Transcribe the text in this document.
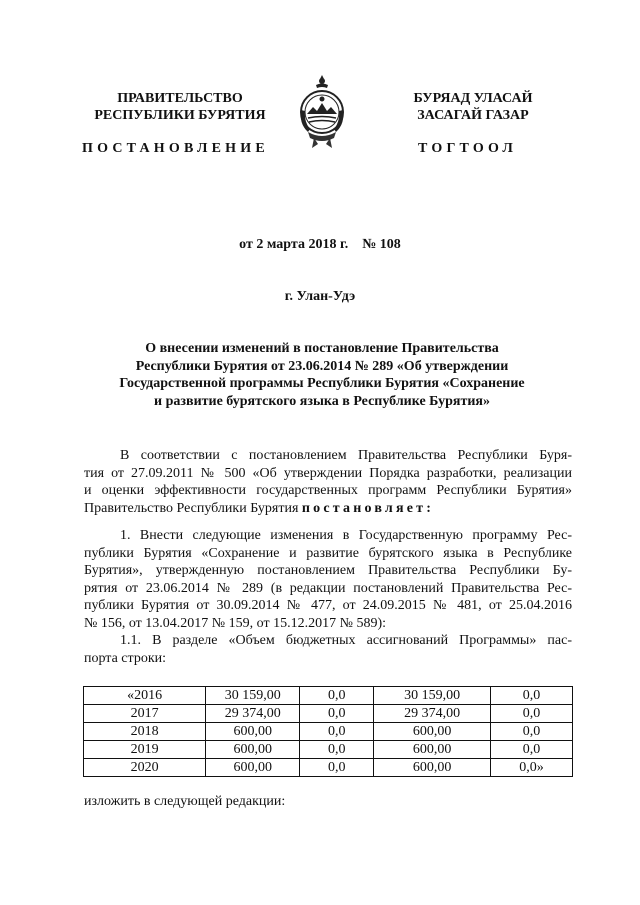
ПРАВИТЕЛЬСТВО
РЕСПУБЛИКИ БУРЯТИЯ
БУРЯАД УЛАСАЙ
ЗАСАГАЙ ГАЗАР
ПОСТАНОВЛЕНИЕ	ТОГТООЛ
от 2 марта 2018 г.    № 108
г. Улан-Удэ
О внесении изменений в постановление Правительства
Республики Бурятия от 23.06.2014 № 289 «Об утверждении
Государственной программы Республики Бурятия «Сохранение
и развитие бурятского языка в Республике Бурятия»
В соответствии с постановлением Правительства Республики Буря-
тия от 27.09.2011 № 500 «Об утверждении Порядка разработки, реализации
и оценки эффективности государственных программ Республики Бурятия»
Правительство Республики Бурятия постановляет:
1. Внести следующие изменения в Государственную программу Рес-
публики Бурятия «Сохранение и развитие бурятского языка в Республике
Бурятия», утвержденную постановлением Правительства Республики Бу-
рятия от 23.06.2014 № 289 (в редакции постановлений Правительства Рес-
публики Бурятия от 30.09.2014 № 477, от 24.09.2015 № 481, от 25.04.2016
№ 156, от 13.04.2017 № 159, от 15.12.2017 № 589):
1.1. В разделе «Объем бюджетных ассигнований Программы» пас-
порта строки:
«2016	30 159,00	0,0	30 159,00	0,0
2017	29 374,00	0,0	29 374,00	0,0
2018	600,00	0,0	600,00	0,0
2019	600,00	0,0	600,00	0,0
2020	600,00	0,0	600,00	0,0»
изложить в следующей редакции:
